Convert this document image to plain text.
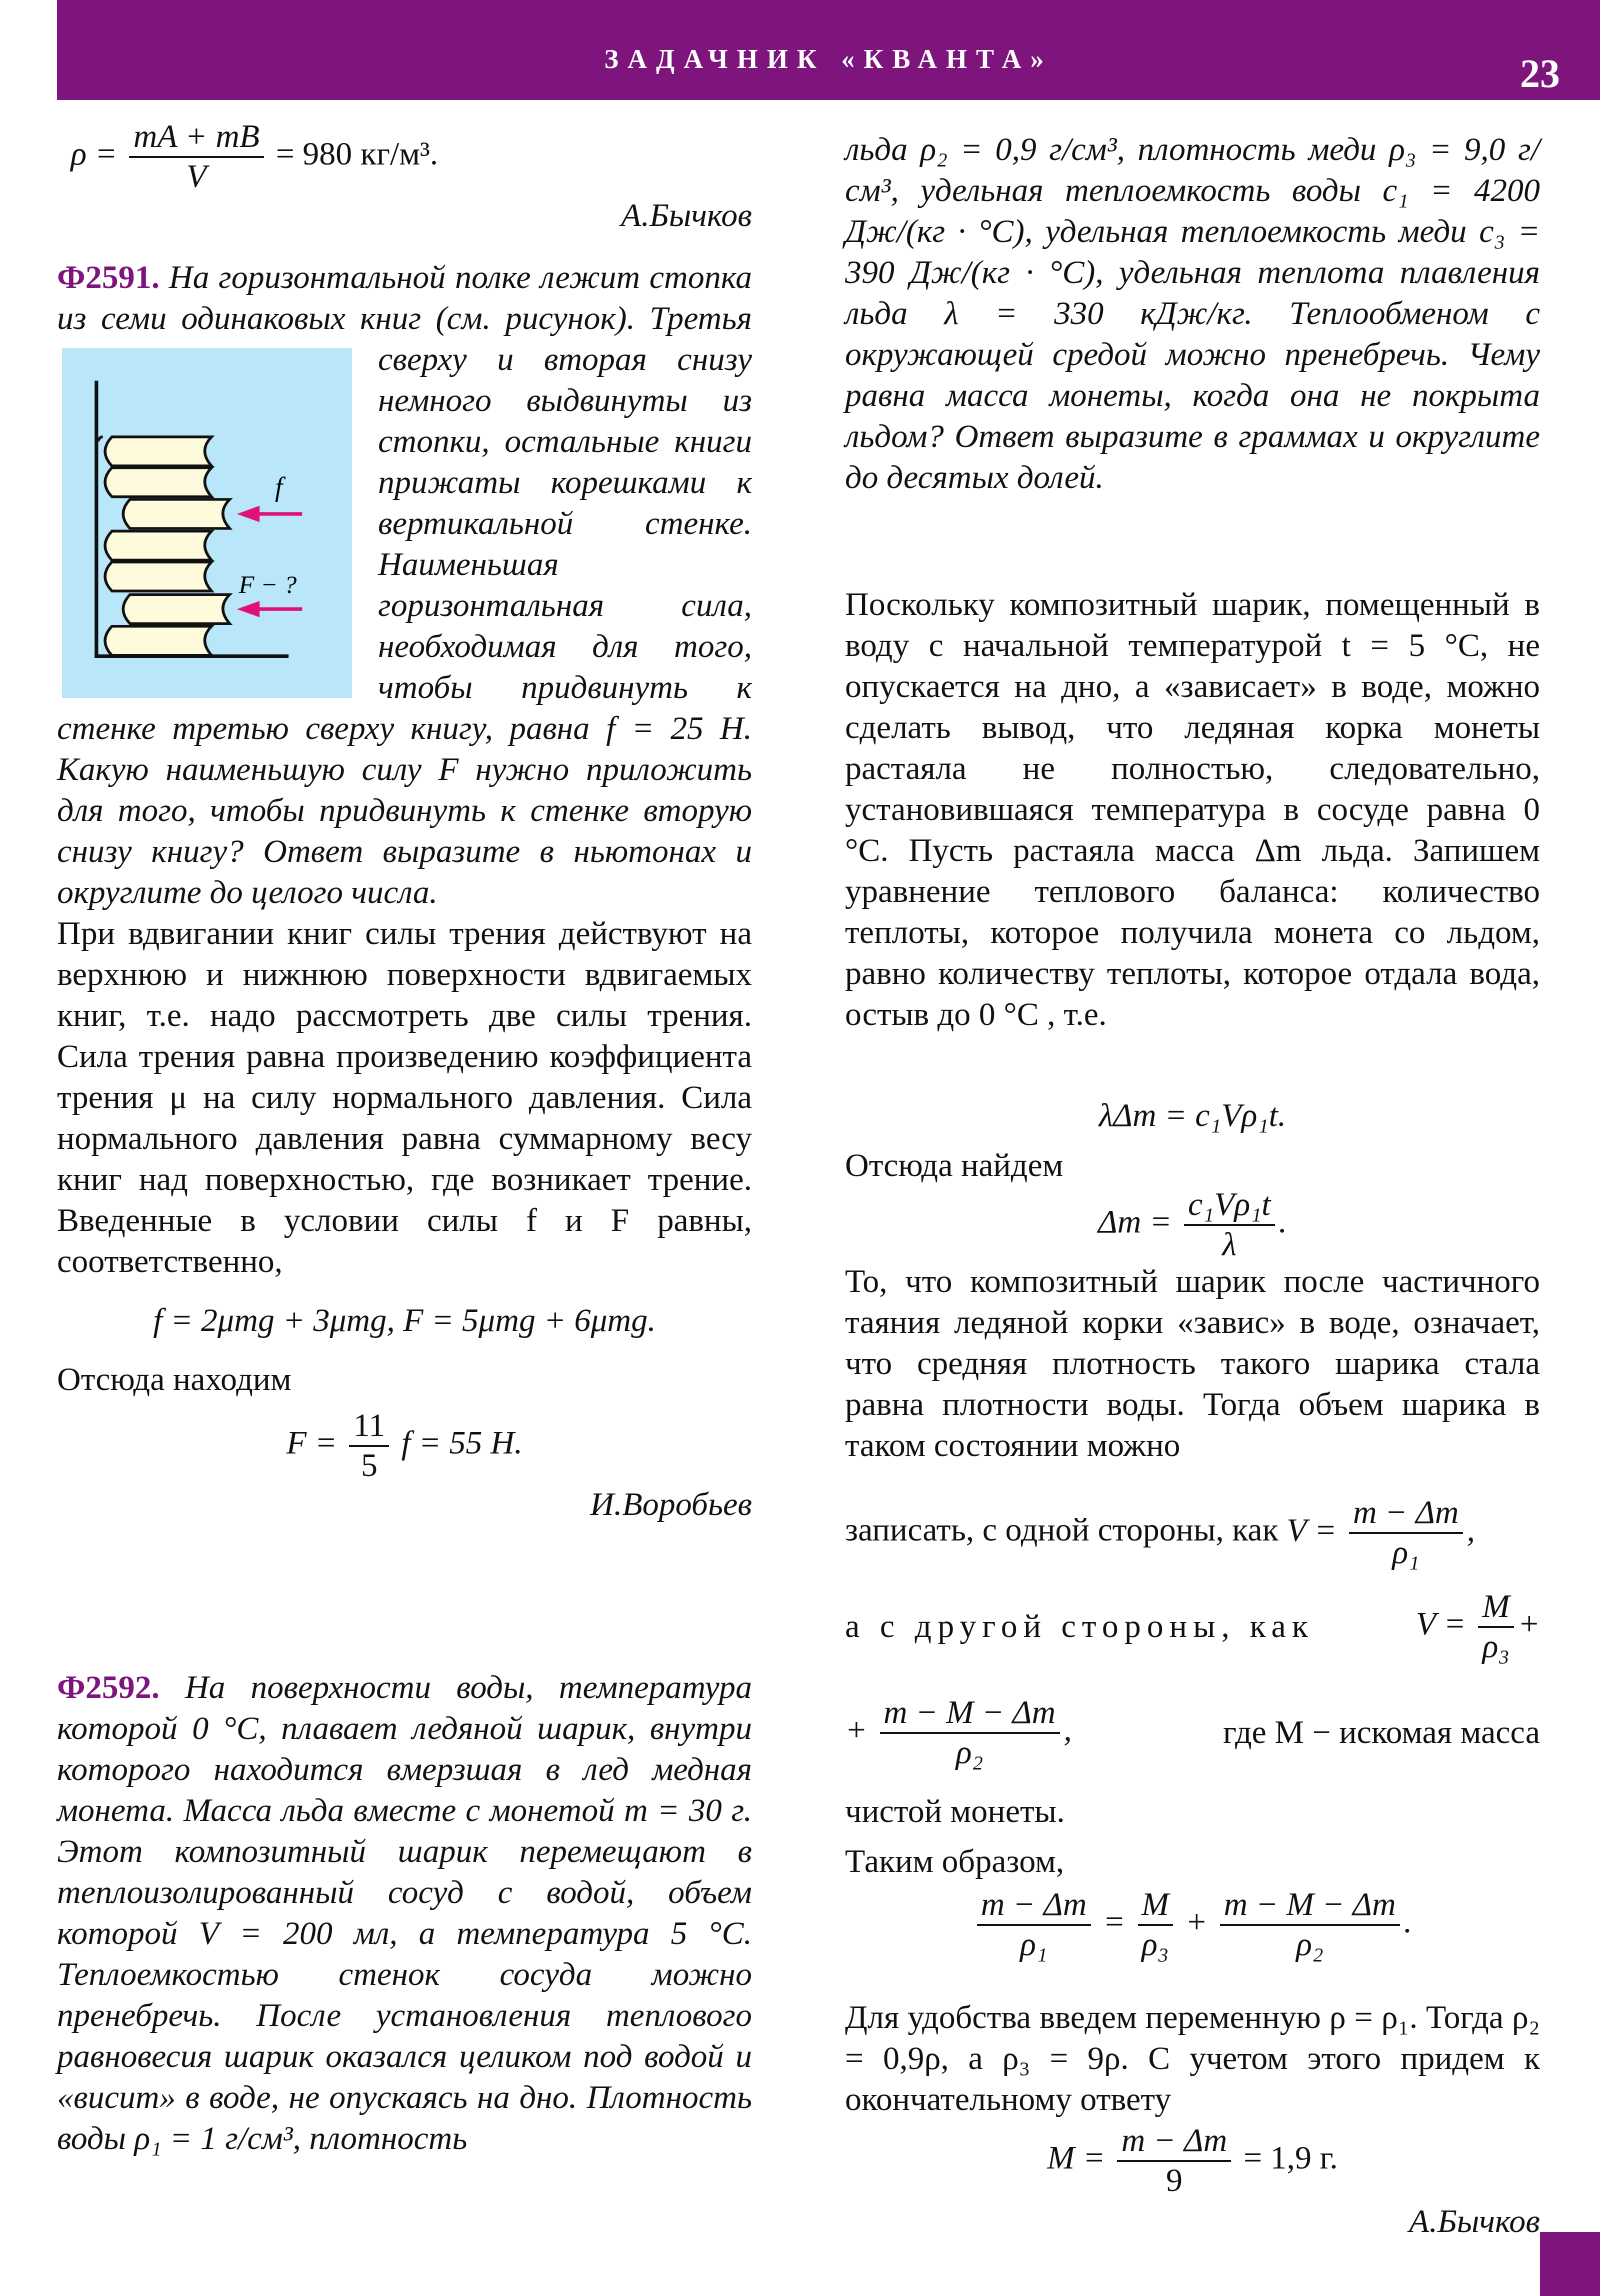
ЗАДАЧНИК «КВАНТА»	23
$\rho = \frac{mA + mB}{V} = 980$ кг/м³.
А.Бычков

Ф2591.
f
F − ?
На горизонтальной полке лежит стопка из семи одинаковых книг (см. рисунок). Третья сверху и вторая снизу немного выдвинуты из стопки, остальные книги прижаты корешками к вертикальной стенке. Наименьшая горизонтальная сила, необходимая для того, чтобы придвинуть к стенке третью сверху книгу, равна f = 25 Н. Какую наименьшую силу F нужно приложить для того, чтобы придвинуть к стенке вторую снизу книгу? Ответ выразите в ньютонах и округлите до целого числа.

При вдвигании книг силы трения действуют на верхнюю и нижнюю поверхности вдвигаемых книг, т.е. надо рассмотреть две силы трения. Сила трения равна произведению коэффициента трения μ на силу нормального давления. Сила нормального давления равна суммарному весу книг над поверхностью, где возникает трение. Введенные в условии силы f и F равны, соответственно,

f = 2μmg + 3μmg, F = 5μmg + 6μmg.

Отсюда находим

$F = \frac{11}{5}$ f = 55 Н.
И.Воробьев

Ф2592. На поверхности воды, температура которой 0 °С, плавает ледяной шарик, внутри которого находится вмерзшая в лед медная монета. Масса льда вместе с монетой m = 30 г. Этот композитный шарик перемещают в теплоизолированный сосуд с водой, объем которой V = 200 мл, а температура 5 °С. Теплоемкостью стенок сосуда можно пренебречь. После установления теплового равновесия шарик оказался целиком под водой и «висит» в воде, не опускаясь на дно. Плотность воды ρ₁ = 1 г/см³, плотность

льда ρ₂ = 0,9 г/см³, плотность меди ρ₃ = 9,0 г/см³, удельная теплоемкость воды c₁ = 4200 Дж/(кг · °С), удельная теплоемкость меди c₃ = 390 Дж/(кг · °С), удельная теплота плавления льда λ = 330 кДж/кг. Теплообменом с окружающей средой можно пренебречь. Чему равна масса монеты, когда она не покрыта льдом? Ответ выразите в граммах и округлите до десятых долей.

Поскольку композитный шарик, помещенный в воду с начальной температурой t = 5 °С, не опускается на дно, а «зависает» в воде, можно сделать вывод, что ледяная корка монеты растаяла не полностью, следовательно, установившаяся температура в сосуде равна 0 °С. Пусть растаяла масса Δm льда. Запишем уравнение теплового баланса: количество теплоты, которое получила монета со льдом, равно количеству теплоты, которое отдала вода, остыв до 0 °С , т.е.

λΔm = c₁Vρ₁t.

Отсюда найдем

$\Delta m = \frac{\text{c₁Vρ₁t}}{\lambda}$ .

То, что композитный шарик после частичного таяния ледяной корки «завис» в воде, означает, что средняя плотность такого шарика стала равна плотности воды. Тогда объем шарика в таком состоянии можно

записать, с одной стороны, как $V = \frac{m - \Delta m}{\text{ρ₁}}$ ,
а с другой стороны, как	$V = \frac{M}{\text{ρ₃}}$ +
+ $\frac{m - M - \Delta m}{\text{ρ₂}}$ ,	где M − искомая масса

чистой монеты.

Таким образом,

$\frac{m - \Delta m}{\text{ρ₁}} = \frac{M}{\text{ρ₃}} + \frac{m - M - \Delta m}{\text{ρ₂}}$ .

Для удобства введем переменную ρ = ρ₁. Тогда ρ₂ = 0,9ρ, а ρ₃ = 9ρ. С учетом этого придем к окончательному ответу

$M = \frac{m - \Delta m}{9} = 1,9$ г.
А.Бычков
